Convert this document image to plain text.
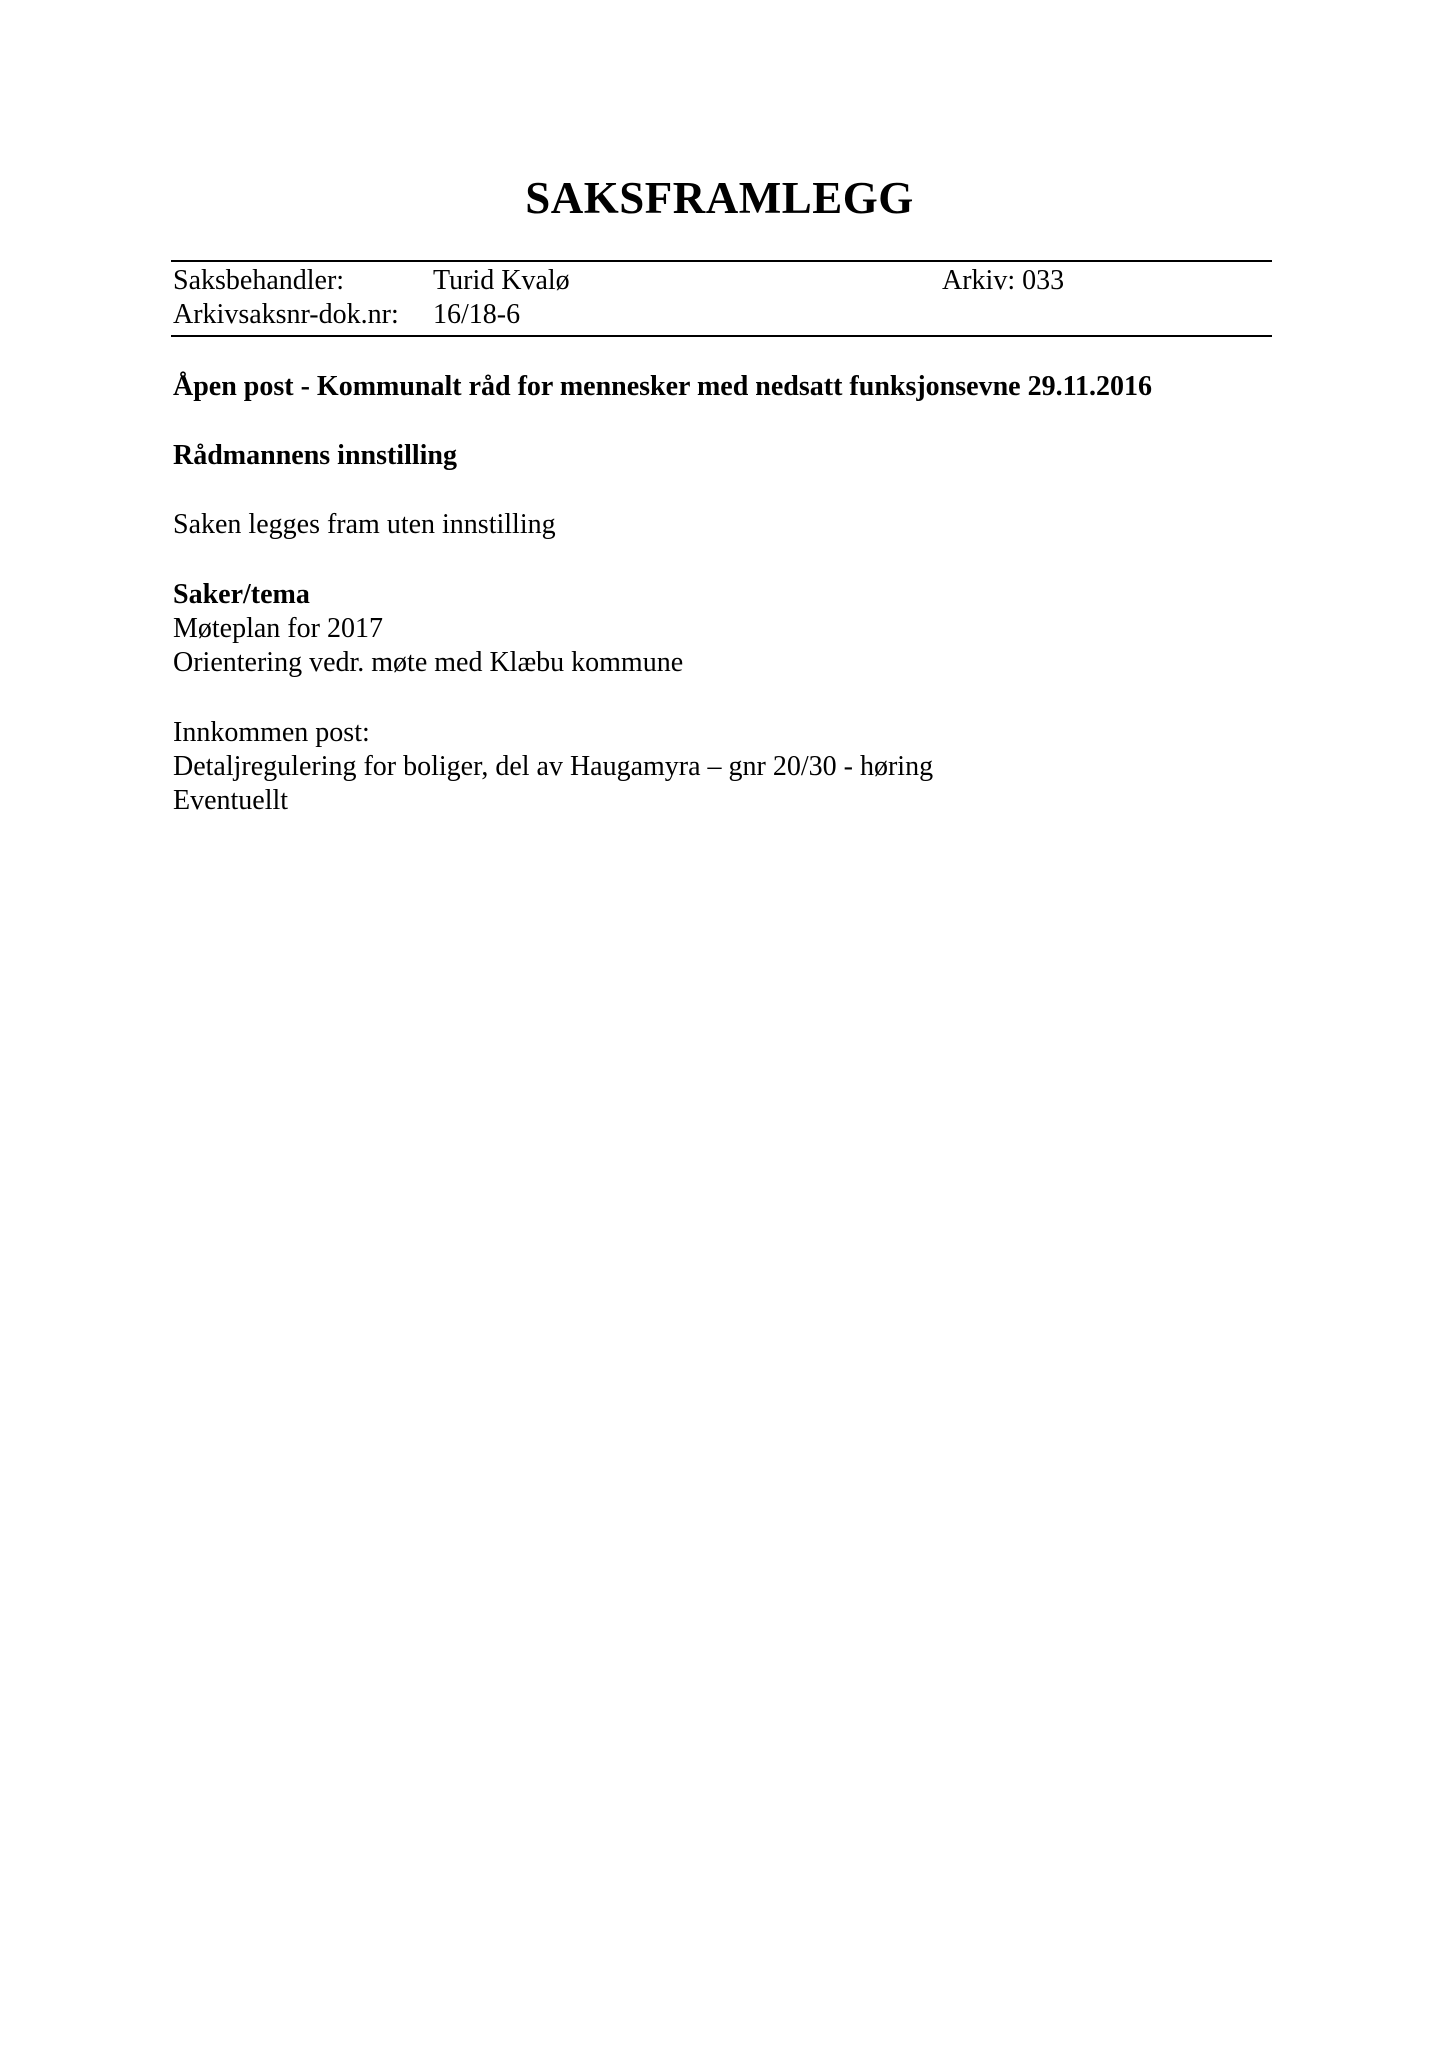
SAKSFRAMLEGG
Saksbehandler:	Turid Kvalø	Arkiv: 033
Arkivsaksnr-dok.nr: 16/18-6
Åpen post - Kommunalt råd for mennesker med nedsatt funksjonsevne 29.11.2016
Rådmannens innstilling
Saken legges fram uten innstilling
Saker/tema
Møteplan for 2017
Orientering vedr. møte med Klæbu kommune
Innkommen post:
Detaljregulering for boliger, del av Haugamyra – gnr 20/30 - høring
Eventuellt
